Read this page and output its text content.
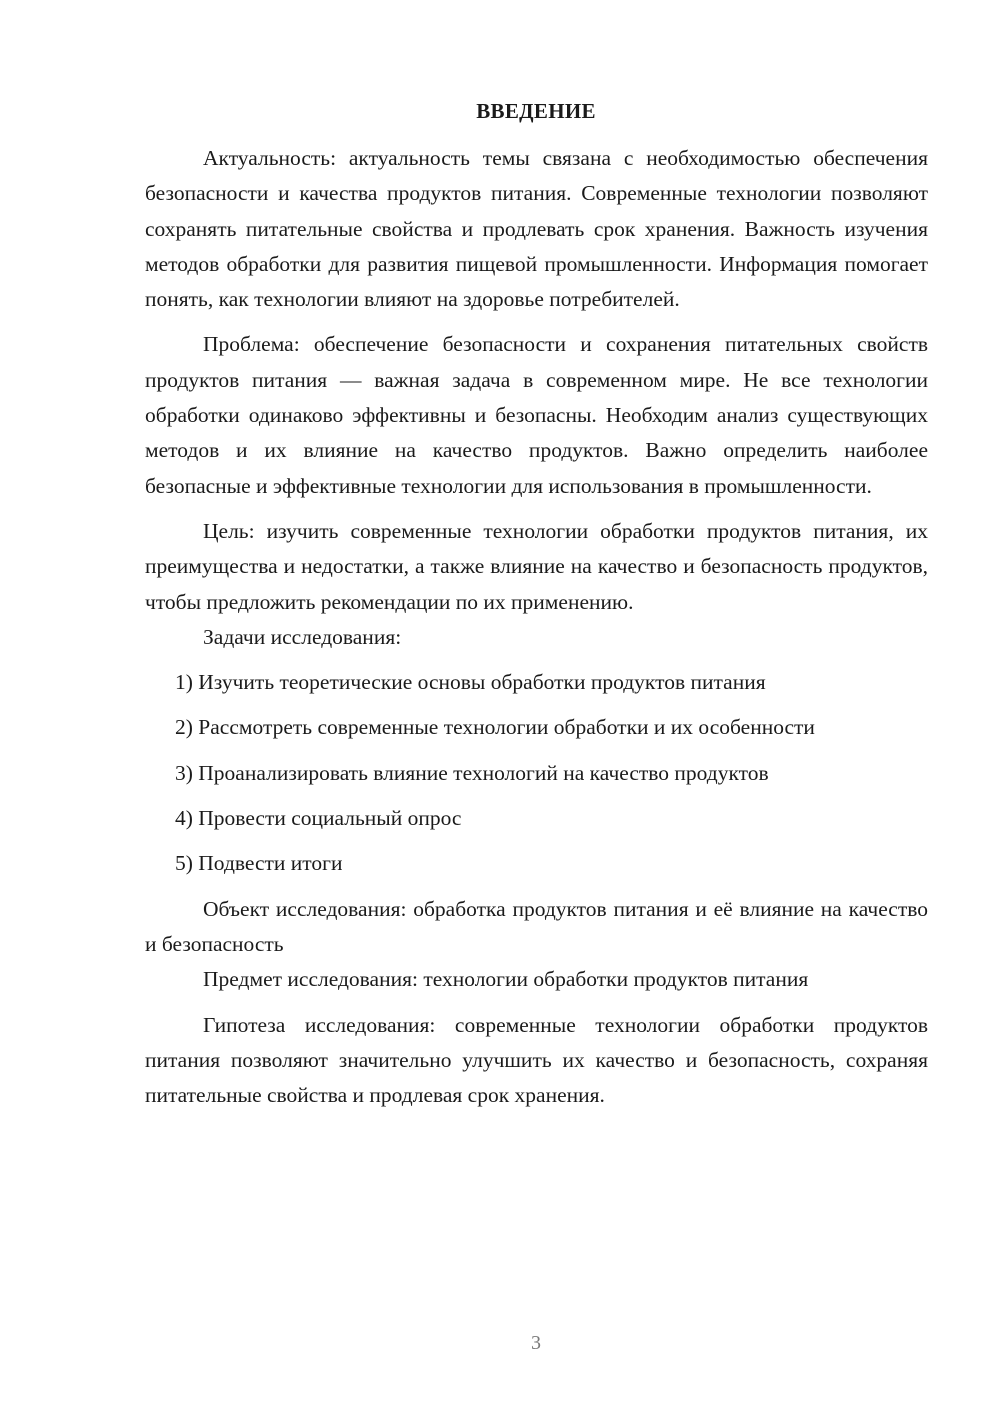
ВВЕДЕНИЕ

Актуальность: актуальность темы связана с необходимостью обеспечения безопасности и качества продуктов питания. Современные технологии позволяют сохранять питательные свойства и продлевать срок хранения. Важность изучения методов обработки для развития пищевой промышленности. Информация помогает понять, как технологии влияют на здоровье потребителей.

Проблема: обеспечение безопасности и сохранения питательных свойств продуктов питания — важная задача в современном мире. Не все технологии обработки одинаково эффективны и безопасны. Необходим анализ существующих методов и их влияние на качество продуктов. Важно определить наиболее безопасные и эффективные технологии для использования в промышленности.

Цель: изучить современные технологии обработки продуктов питания, их преимущества и недостатки, а также влияние на качество и безопасность продуктов, чтобы предложить рекомендации по их применению.

Задачи исследования:

1) Изучить теоретические основы обработки продуктов питания

2) Рассмотреть современные технологии обработки и их особенности

3) Проанализировать влияние технологий на качество продуктов

4) Провести социальный опрос

5) Подвести итоги

Объект исследования: обработка продуктов питания и её влияние на качество и безопасность

Предмет исследования: технологии обработки продуктов питания

Гипотеза исследования: современные технологии обработки продуктов питания позволяют значительно улучшить их качество и безопасность, сохраняя питательные свойства и продлевая срок хранения.

3
